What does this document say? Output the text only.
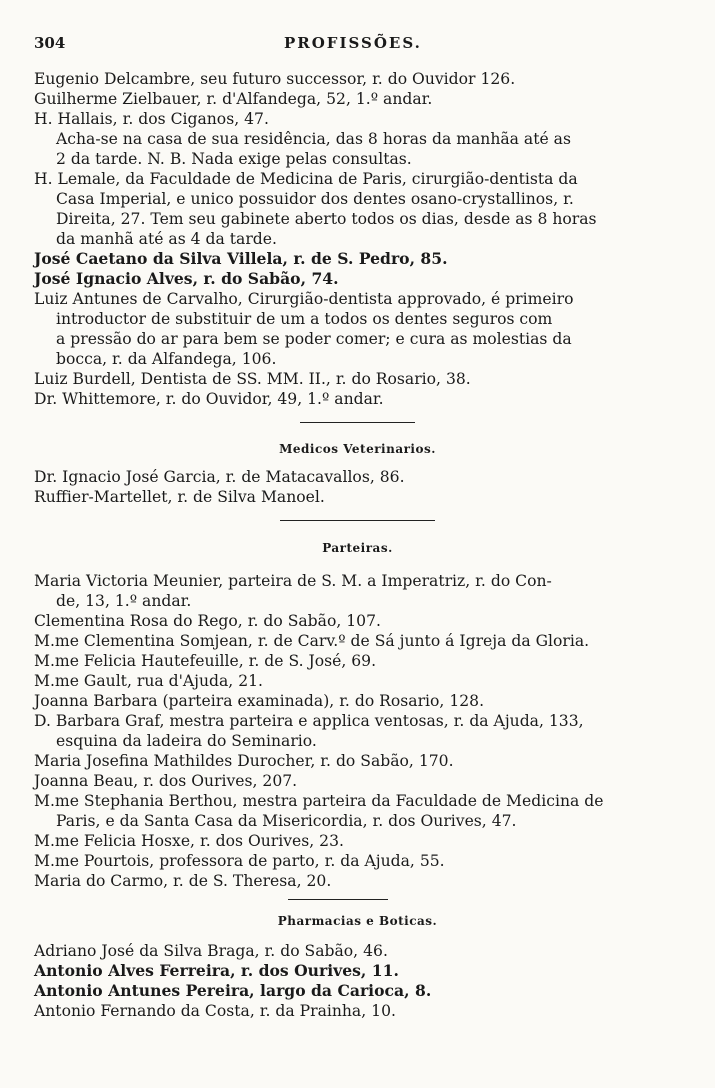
304	PROFISSÕES.
Eugenio Delcambre, seu futuro successor, r. do Ouvidor 126.
Guilherme Zielbauer, r. d'Alfandega, 52, 1.º andar.
H. Hallais, r. dos Ciganos, 47.
Acha-se na casa de sua residência, das 8 horas da manhãa até as
2 da tarde. N. B. Nada exige pelas consultas.
H. Lemale, da Faculdade de Medicina de Paris, cirurgião-dentista da
Casa Imperial, e unico possuidor dos dentes osano-crystallinos, r.
Direita, 27. Tem seu gabinete aberto todos os dias, desde as 8 horas
da manhã até as 4 da tarde.
José Caetano da Silva Villela, r. de S. Pedro, 85.
José Ignacio Alves, r. do Sabão, 74.
Luiz Antunes de Carvalho, Cirurgião-dentista approvado, é primeiro
introductor de substituir de um a todos os dentes seguros com
a pressão do ar para bem se poder comer; e cura as molestias da
bocca, r. da Alfandega, 106.
Luiz Burdell, Dentista de SS. MM. II., r. do Rosario, 38.
Dr. Whittemore, r. do Ouvidor, 49, 1.º andar.
Medicos Veterinarios.
Dr. Ignacio José Garcia, r. de Matacavallos, 86.
Ruffier-Martellet, r. de Silva Manoel.
Parteiras.
Maria Victoria Meunier, parteira de S. M. a Imperatriz, r. do Con-
de, 13, 1.º andar.
Clementina Rosa do Rego, r. do Sabão, 107.
M.me Clementina Somjean, r. de Carv.º de Sá junto á Igreja da Gloria.
M.me Felicia Hautefeuille, r. de S. José, 69.
M.me Gault, rua d'Ajuda, 21.
Joanna Barbara (parteira examinada), r. do Rosario, 128.
D. Barbara Graf, mestra parteira e applica ventosas, r. da Ajuda, 133,
esquina da ladeira do Seminario.
Maria Josefina Mathildes Durocher, r. do Sabão, 170.
Joanna Beau, r. dos Ourives, 207.
M.me Stephania Berthou, mestra parteira da Faculdade de Medicina de
Paris, e da Santa Casa da Misericordia, r. dos Ourives, 47.
M.me Felicia Hosxe, r. dos Ourives, 23.
M.me Pourtois, professora de parto, r. da Ajuda, 55.
Maria do Carmo, r. de S. Theresa, 20.
Pharmacias e Boticas.
Adriano José da Silva Braga, r. do Sabão, 46.
Antonio Alves Ferreira, r. dos Ourives, 11.
Antonio Antunes Pereira, largo da Carioca, 8.
Antonio Fernando da Costa, r. da Prainha, 10.
